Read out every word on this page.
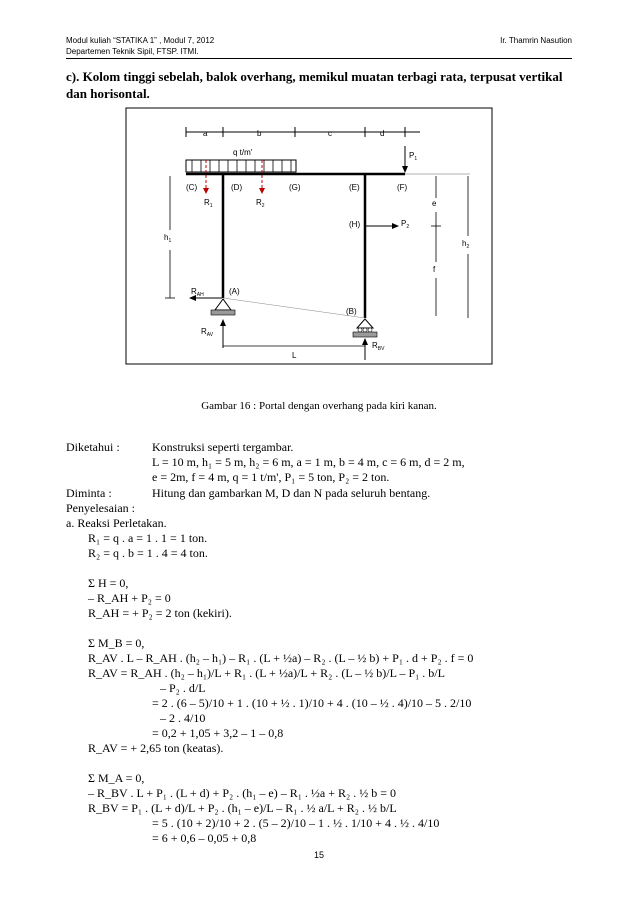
Modul kuliah “STATIKA 1” , Modul 7, 2012
Departemen Teknik Sipil, FTSP. ITMI.
Ir. Thamrin Nasution
c). Kolom tinggi sebelah, balok overhang, memikul muatan terbagi rata, terpusat vertikal dan horisontal.
a	b	c	d
q t/m'	$P_1$
$P_2$
(C)	(D)	(G)	(E)	(F)
(H)
(A)
(B)
$R_1$	$R_2$	e
f
$h_2$
$h_1$
$R_{AH}$
$R_{AV}$
$R_{BV}$
L
Gambar 16 : Portal dengan overhang pada kiri kanan.
Diketahui :	Konstruksi seperti tergambar.
L = 10 m, h₁ = 5 m, h₂ = 6 m, a = 1 m, b = 4 m, c = 6 m, d = 2 m,
e = 2m, f = 4 m, q = 1 t/m', P₁ = 5 ton, P₂ = 2 ton.
Diminta :	Hitung dan gambarkan M, D dan N pada seluruh bentang.
Penyelesaian :
a. Reaksi Perletakan.
R₁ = q . a = 1 . 1 = 1 ton.
R₂ = q . b = 1 . 4 = 4 ton.
Σ H = 0,
– R_AH + P₂ = 0
R_AH = + P₂ = 2 ton (kekiri).
Σ M_B = 0,
R_AV . L – R_AH . (h₂ – h₁) – R₁ . (L + ½a) – R₂ . (L – ½ b) + P₁ . d + P₂ . f = 0
R_AV = R_AH . (h₂ – h₁)/L + R₁ . (L + ½a)/L + R₂ . (L – ½ b)/L – P₁ . b/L
– P₂ . d/L
= 2 . (6 – 5)/10 + 1 . (10 + ½ . 1)/10 + 4 . (10 – ½ . 4)/10 – 5 . 2/10
– 2 . 4/10
= 0,2 + 1,05 + 3,2 – 1 – 0,8
R_AV = + 2,65 ton (keatas).
Σ M_A = 0,
– R_BV . L + P₁ . (L + d) + P₂ . (h₁ – e) – R₁ . ½a + R₂ . ½ b = 0
R_BV = P₁ . (L + d)/L + P₂ . (h₁ – e)/L – R₁ . ½ a/L + R₂ . ½ b/L
= 5 . (10 + 2)/10 + 2 . (5 – 2)/10 – 1 . ½ . 1/10 + 4 . ½ . 4/10
= 6 + 0,6 – 0,05 + 0,8
15
